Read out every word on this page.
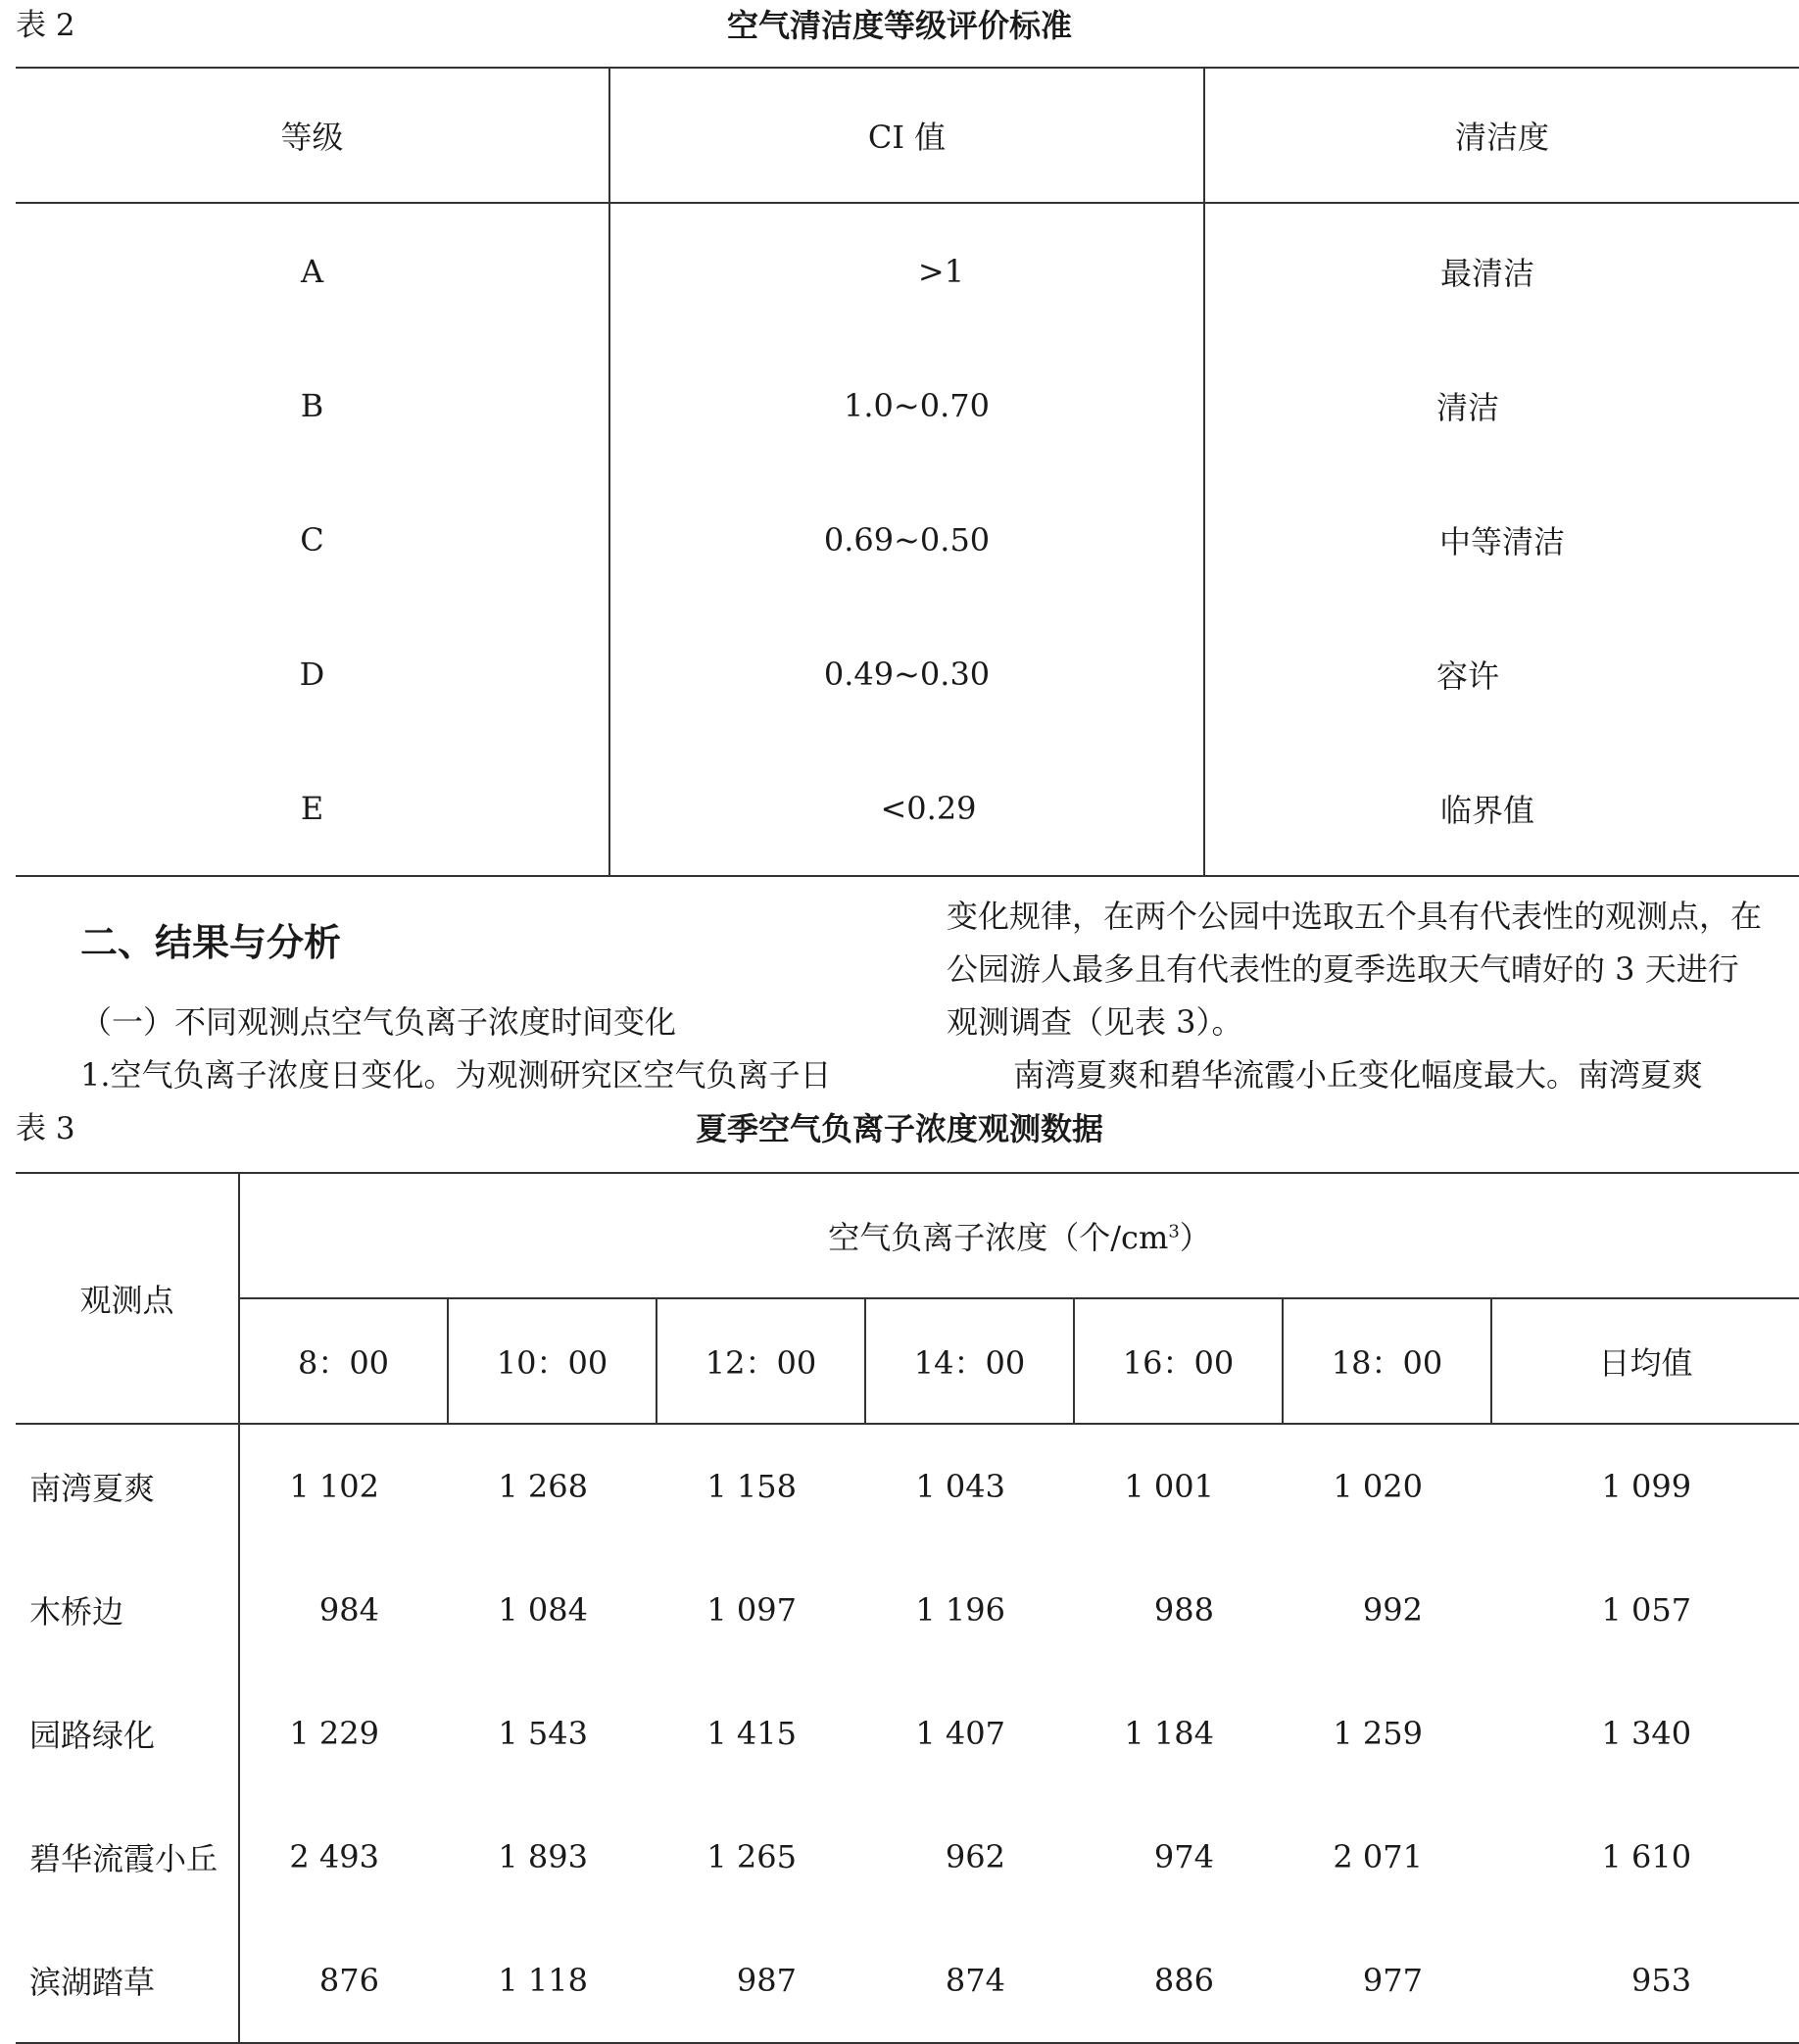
表 2	空气清洁度等级评价标准
等级	CI 值	清洁度
A	>1	最清洁
B	1.0~0.70	清洁
C	0.69~0.50	中等清洁
D	0.49~0.30	容许
E	<0.29	临界值
二、结果与分析
（一）不同观测点空气负离子浓度时间变化
1.空气负离子浓度日变化。为观测研究区空气负离子日
变化规律，在两个公园中选取五个具有代表性的观测点，在
公园游人最多且有代表性的夏季选取天气晴好的 3 天进行
观测调查（见表 3）。
南湾夏爽和碧华流霞小丘变化幅度最大。南湾夏爽
表 3	夏季空气负离子浓度观测数据
观测点	空气负离子浓度（个$/cm^3$）						
	8：00	10：00	12：00	14：00	16：00	18：00	日均值
南湾夏爽	1 102	1 268	1 158	1 043	1 001	1 020	1 099
木桥边	984	1 084	1 097	1 196	988	992	1 057
园路绿化	1 229	1 543	1 415	1 407	1 184	1 259	1 340
碧华流霞小丘	2 493	1 893	1 265	962	974	2 071	1 610
滨湖踏草	876	1 118	987	874	886	977	953
